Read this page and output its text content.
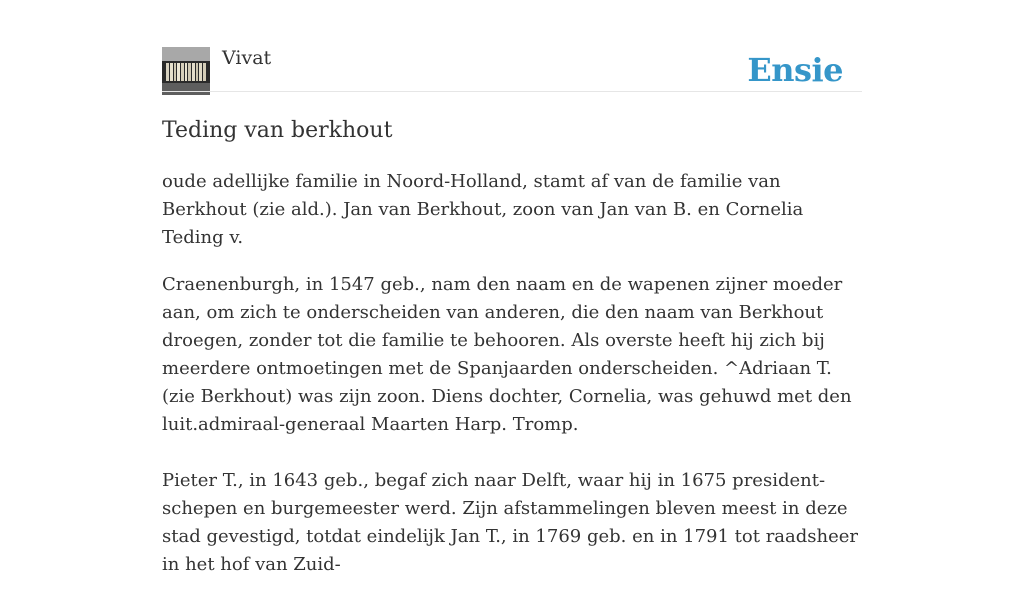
Vivat	Ensie
Teding van berkhout

oude adellijke familie in Noord-Holland, stamt af van de familie van Berkhout (zie ald.). Jan van Berkhout, zoon van Jan van B. en Cornelia Teding v.

Craenenburgh, in 1547 geb., nam den naam en de wapenen zijner moeder aan, om zich te onderscheiden van anderen, die den naam van Berkhout droegen, zonder tot die familie te behooren. Als overste heeft hij zich bij meerdere ontmoetingen met de Spanjaarden onderscheiden. ^Adriaan T. (zie Berkhout) was zijn zoon. Diens dochter, Cornelia, was gehuwd met den luit.admiraal-generaal Maarten Harp. Tromp.

Pieter T., in 1643 geb., begaf zich naar Delft, waar hij in 1675 president-schepen en burgemeester werd. Zijn afstammelingen bleven meest in deze stad gevestigd, totdat eindelijk Jan T., in 1769 geb. en in 1791 tot raadsheer in het hof van Zuid-
